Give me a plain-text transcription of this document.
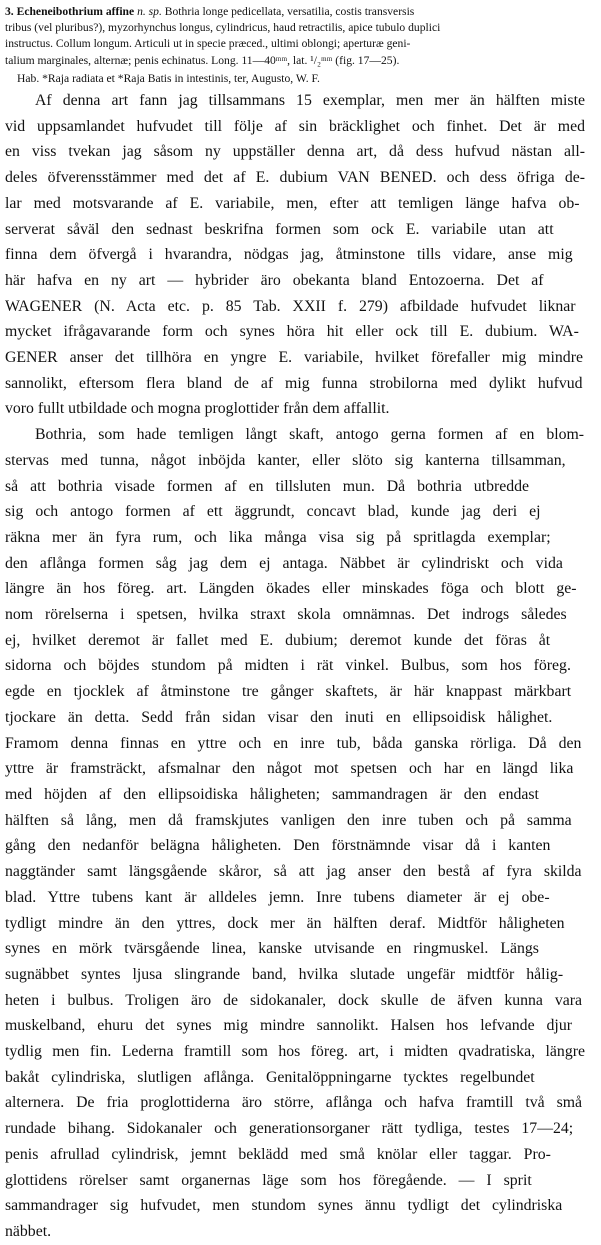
3. Echeneibothrium affine n. sp. Bothria longe pedicellata, versatilia, costis transversis
tribus (vel pluribus?), myzorhynchus longus, cylindricus, haud retractilis, apice tubulo duplici
instructus. Collum longum. Articuli ut in specie præced., ultimi oblongi; aperturæ geni-
talium marginales, alternæ; penis echinatus. Long. 11—40ᵐᵐ, lat. ¹/₂ᵐᵐ (fig. 17—25).
Hab. *Raja radiata et *Raja Batis in intestinis, ter, Augusto, W. F.
Af denna art fann jag tillsammans 15 exemplar, men mer än hälften miste
vid uppsamlandet hufvudet till följe af sin bräcklighet och finhet. Det är med
en viss tvekan jag såsom ny uppställer denna art, då dess hufvud nästan all-
deles öfverensstämmer med det af E. dubium VAN BENED. och dess öfriga de-
lar med motsvarande af E. variabile, men, efter att temligen länge hafva ob-
serverat såväl den sednast beskrifna formen som ock E. variabile utan att
finna dem öfvergå i hvarandra, nödgas jag, åtminstone tills vidare, anse mig
här hafva en ny art — hybrider äro obekanta bland Entozoerna. Det af
WAGENER (N. Acta etc. p. 85 Tab. XXII f. 279) afbildade hufvudet liknar
mycket ifrågavarande form och synes höra hit eller ock till E. dubium. WA-
GENER anser det tillhöra en yngre E. variabile, hvilket förefaller mig mindre
sannolikt, eftersom flera bland de af mig funna strobilorna med dylikt hufvud
voro fullt utbildade och mogna proglottider från dem affallit.
Bothria, som hade temligen långt skaft, antogo gerna formen af en blom-
stervas med tunna, något inböjda kanter, eller slöto sig kanterna tillsamman,
så att bothria visade formen af en tillsluten mun. Då bothria utbredde
sig och antogo formen af ett äggrundt, concavt blad, kunde jag deri ej
räkna mer än fyra rum, och lika många visa sig på spritlagda exemplar;
den aflånga formen såg jag dem ej antaga. Näbbet är cylindriskt och vida
längre än hos föreg. art. Längden ökades eller minskades föga och blott ge-
nom rörelserna i spetsen, hvilka straxt skola omnämnas. Det indrogs således
ej, hvilket deremot är fallet med E. dubium; deremot kunde det föras åt
sidorna och böjdes stundom på midten i rät vinkel. Bulbus, som hos föreg.
egde en tjocklek af åtminstone tre gånger skaftets, är här knappast märkbart
tjockare än detta. Sedd från sidan visar den inuti en ellipsoidisk hålighet.
Framom denna finnas en yttre och en inre tub, båda ganska rörliga. Då den
yttre är framsträckt, afsmalnar den något mot spetsen och har en längd lika
med höjden af den ellipsoidiska håligheten; sammandragen är den endast
hälften så lång, men då framskjutes vanligen den inre tuben och på samma
gång den nedanför belägna håligheten. Den förstnämnde visar då i kanten
naggtänder samt längsgående skåror, så att jag anser den bestå af fyra skilda
blad. Yttre tubens kant är alldeles jemn. Inre tubens diameter är ej obe-
tydligt mindre än den yttres, dock mer än hälften deraf. Midtför håligheten
synes en mörk tvärsgående linea, kanske utvisande en ringmuskel. Längs
sugnäbbet syntes ljusa slingrande band, hvilka slutade ungefär midtför hålig-
heten i bulbus. Troligen äro de sidokanaler, dock skulle de äfven kunna vara
muskelband, ehuru det synes mig mindre sannolikt. Halsen hos lefvande djur
tydlig men fin. Lederna framtill som hos föreg. art, i midten qvadratiska, längre
bakåt cylindriska, slutligen aflånga. Genitalöppningarne tycktes regelbundet
alternera. De fria proglottiderna äro större, aflånga och hafva framtill två små
rundade bihang. Sidokanaler och generationsorganer rätt tydliga, testes 17—24;
penis afrullad cylindrisk, jemnt beklädd med små knölar eller taggar. Pro-
glottidens rörelser samt organernas läge som hos föregående. — I sprit
sammandrager sig hufvudet, men stundom synes ännu tydligt det cylindriska
näbbet.
